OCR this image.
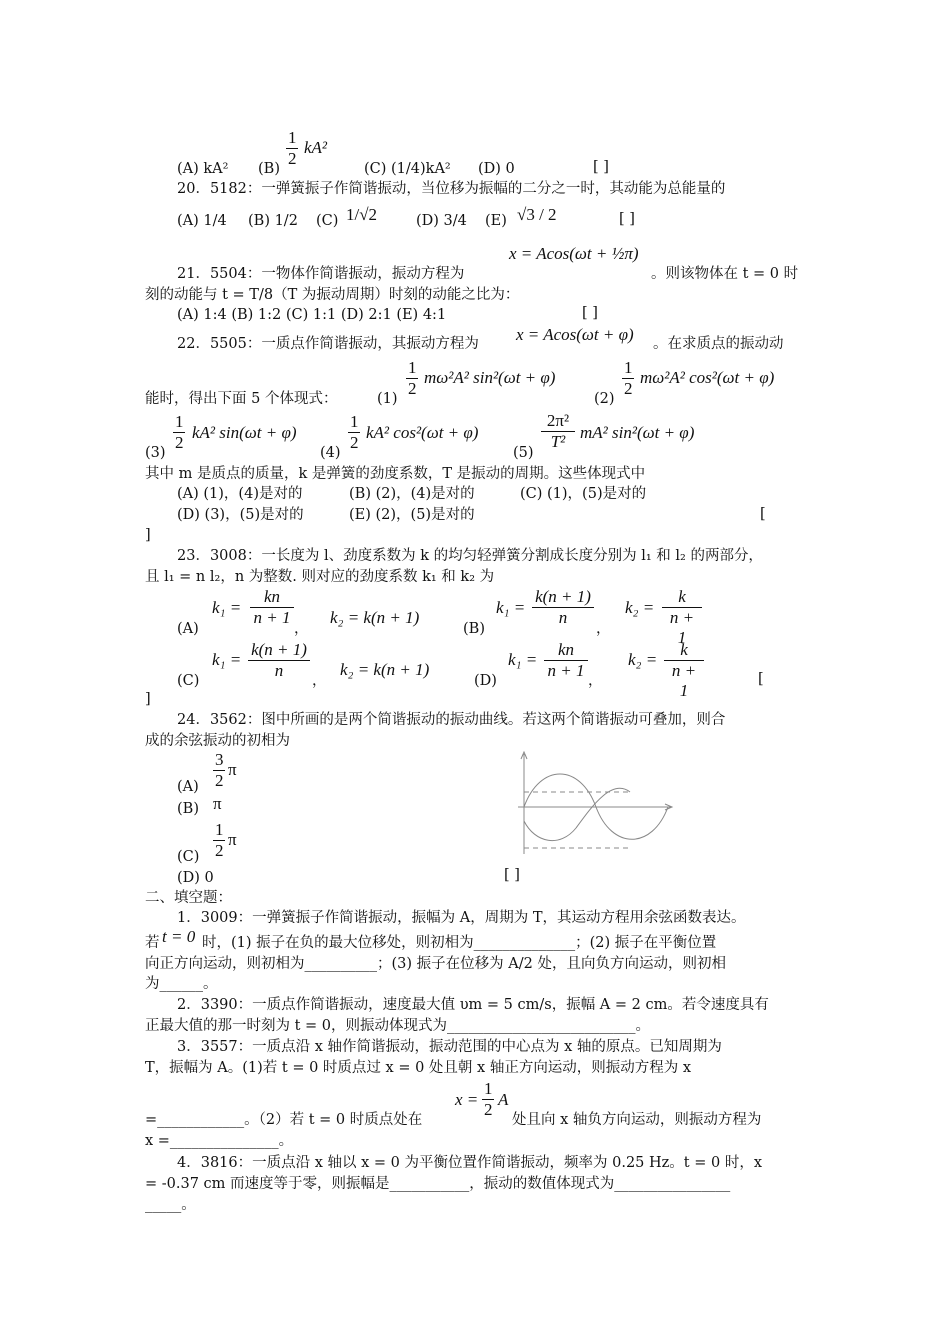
$\frac{1}{2} kA^2$
(A) kA² (B)	(C) (1/4)kA² (D) 0	[ ]
20．5182：一弹簧振子作简谐振动，当位移为振幅的二分之一时，其动能为总能量的
(A) 1/4 (B) 1/2 (C) 1/√2	(D) 3/4 (E) √3 / 2	[ ]
x = Acos(ωt + ½π)
21．5504：一物体作简谐振动，振动方程为	。则该物体在 t = 0 时
刻的动能与 t = T/8（T 为振动周期）时刻的动能之比为：
(A) 1:4 (B) 1:2 (C) 1:1 (D) 2:1 (E) 4:1	[ ]
22．5505：一质点作简谐振动，其振动方程为 x = Acos(ωt + φ) 。在求质点的振动动
能时，得出下面 5 个体现式：	$(1) \frac{1}{2} m\omega^2A^2$ sin²(ωt + φ)
$(2) \frac{1}{2} m\omega^2A^2$ cos²(ωt + φ)
$(3) \frac{1}{2} kA^2$ sin(ωt + φ)
$(4) \frac{1}{2} kA^2$ cos²(ωt + φ)
(5)
$\frac{\text{2π²}}{\text{T²}} mA^2$ sin²(ωt + φ)
其中 m 是质点的质量，k 是弹簧的劲度系数，T 是振动的周期。这些体现式中
(A) (1)，(4)是对的	(B) (2)，(4)是对的	(C) (1)，(5)是对的
(D) (3)，(5)是对的	(E) (2)，(5)是对的	[
]
23．3008：一长度为 l、劲度系数为 k 的均匀轻弹簧分割成长度分别为 l₁ 和 l₂ 的两部分，
且 l₁ = n l₂，n 为整数. 则对应的劲度系数 k₁ 和 k₂ 为
(A)
$k_1 = \frac{kn}{n + 1}$
，
k₂ = k(n + 1)
(B)
$k_1 = \frac{k(n + 1)}{n}$
，
$k_2 = \frac{k}{n + 1}$
(C)
$k_1 = \frac{k(n + 1)}{n}$ ，
k₂ = k(n + 1)
(D)
$k_1 = \frac{kn}{n + 1}$ ，
$k_2 = \frac{k}{n + 1}$	[
]
24．3562：图中所画的是两个简谐振动的振动曲线。若这两个简谐振动可叠加，则合
成的余弦振动的初相为
$(A) \frac{3}{2}$ π
(B) π
$(C) \frac{1}{2}$ π
(D) 0	[ ]
二、填空题：
1．3009：一弹簧振子作简谐振动，振幅为 A，周期为 T，其运动方程用余弦函数表达。
若 t = 0 时，(1) 振子在负的最大位移处，则初相为______________；(2) 振子在平衡位置
向正方向运动，则初相为__________；(3) 振子在位移为 A/2 处，且向负方向运动，则初相
为______。
2．3390：一质点作简谐振动，速度最大值 υm = 5 cm/s，振幅 A = 2 cm。若令速度具有
正最大值的那一时刻为 t = 0，则振动体现式为__________________________。
3．3557：一质点沿 x 轴作简谐振动，振动范围的中心点为 x 轴的原点。已知周期为
T，振幅为 A。(1)若 t = 0 时质点过 x = 0 处且朝 x 轴正方向运动，则振动方程为 x
$x = \frac{1}{2}$ A
=____________。（2）若 t = 0 时质点处在	处且向 x 轴负方向运动，则振动方程为
x =_______________。
4．3816：一质点沿 x 轴以 x = 0 为平衡位置作简谐振动，频率为 0.25 Hz。t = 0 时，x
= -0.37 cm 而速度等于零，则振幅是___________，振动的数值体现式为________________
_____。
